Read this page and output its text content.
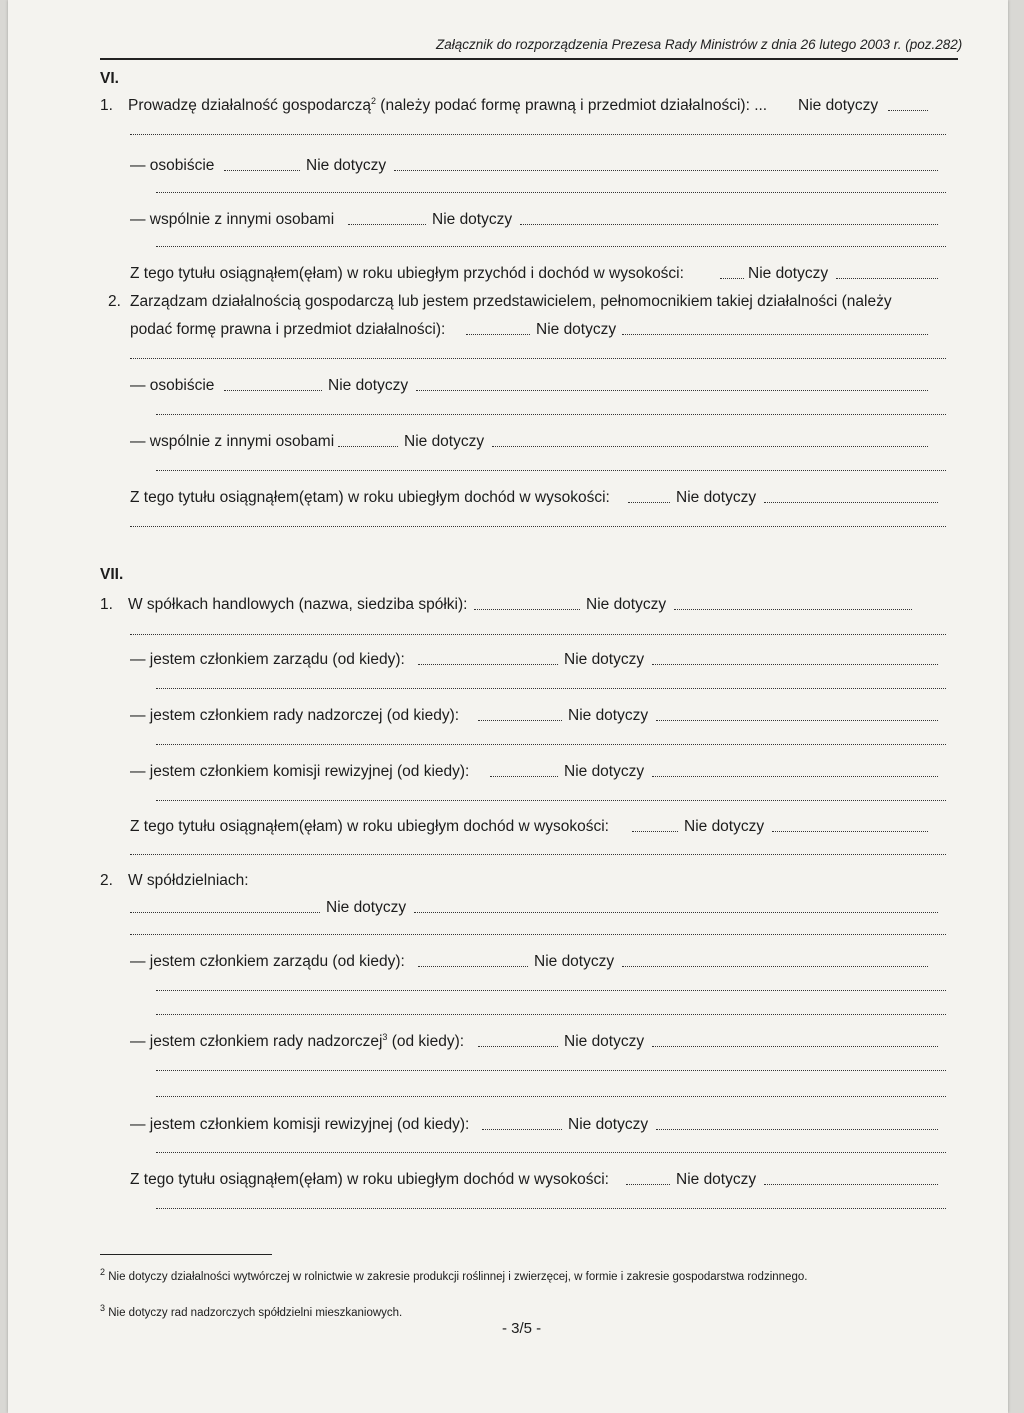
Załącznik do rozporządzenia Prezesa Rady Ministrów z dnia 26 lutego 2003 r. (poz.282)
VI.
1. Prowadzę działalność gospodarczą$^2$ (należy podać formę prawną i przedmiot działalności): ... Nie dotyczy
— osobiście	Nie dotyczy
— wspólnie z innymi osobami	Nie dotyczy
Z tego tytułu osiągnąłem(ęłam) w roku ubiegłym przychód i dochód w wysokości:	Nie dotyczy
2. Zarządzam działalnością gospodarczą lub jestem przedstawicielem, pełnomocnikiem takiej działalności (należy
podać formę prawna i przedmiot działalności):	Nie dotyczy
— osobiście	Nie dotyczy
— wspólnie z innymi osobami	Nie dotyczy
Z tego tytułu osiągnąłem(ętam) w roku ubiegłym dochód w wysokości:	Nie dotyczy
VII.
1. W spółkach handlowych (nazwa, siedziba spółki):	Nie dotyczy
— jestem członkiem zarządu (od kiedy):	Nie dotyczy
— jestem członkiem rady nadzorczej (od kiedy):	Nie dotyczy
— jestem członkiem komisji rewizyjnej (od kiedy):	Nie dotyczy
Z tego tytułu osiągnąłem(ęłam) w roku ubiegłym dochód w wysokości:	Nie dotyczy
2. W spółdzielniach:
Nie dotyczy
— jestem członkiem zarządu (od kiedy):	Nie dotyczy
— jestem członkiem rady nadzorczej$^3$ (od kiedy):	Nie dotyczy
— jestem członkiem komisji rewizyjnej (od kiedy):	Nie dotyczy
Z tego tytułu osiągnąłem(ęłam) w roku ubiegłym dochód w wysokości:	Nie dotyczy
$^2$ Nie dotyczy działalności wytwórczej w rolnictwie w zakresie produkcji roślinnej i zwierzęcej, w formie i zakresie gospodarstwa rodzinnego.
$^3$ Nie dotyczy rad nadzorczych spółdzielni mieszkaniowych.
- 3/5 -
